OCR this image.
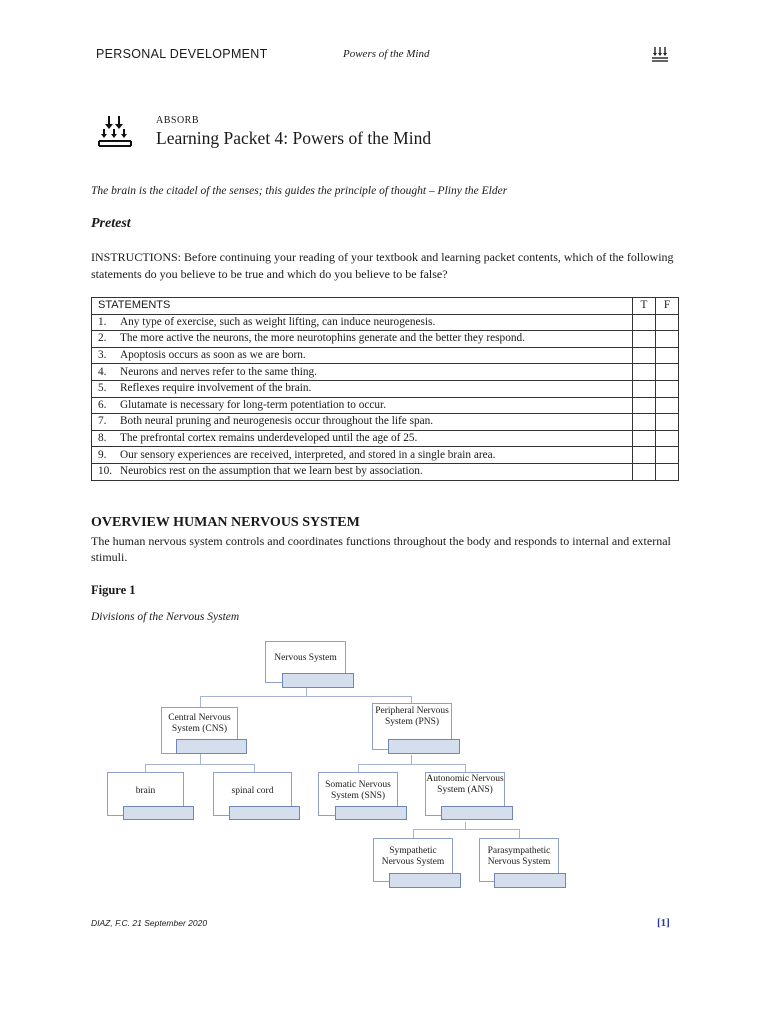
PERSONAL DEVELOPMENT	Powers of the Mind
ABSORB
Learning Packet 4: Powers of the Mind
The brain is the citadel of the senses; this guides the principle of thought – Pliny the Elder
Pretest
INSTRUCTIONS: Before continuing your reading of your textbook and learning packet contents, which of the following statements do you believe to be true and which do you believe to be false?
STATEMENTS	T	F
1. Any type of exercise, such as weight lifting, can induce neurogenesis.		
2. The more active the neurons, the more neurotophins generate and the better they respond.		
3. Apoptosis occurs as soon as we are born.		
4. Neurons and nerves refer to the same thing.		
5. Reflexes require involvement of the brain.		
6. Glutamate is necessary for long-term potentiation to occur.		
7. Both neural pruning and neurogenesis occur throughout the life span.		
8. The prefrontal cortex remains underdeveloped until the age of 25.		
9. Our sensory experiences are received, interpreted, and stored in a single brain area.		
10. Neurobics rest on the assumption that we learn best by association.		
OVERVIEW HUMAN NERVOUS SYSTEM
The human nervous system controls and coordinates functions throughout the body and responds to internal and external stimuli.
Figure 1
Divisions of the Nervous System
Nervous System
Central Nervous System (CNS)
Peripheral Nervous System (PNS)
brain	spinal cord
Somatic Nervous System (SNS)
Autonomic Nervous System (ANS)
Sympathetic Nervous System
Parasympathetic Nervous System
DIAZ, F.C. 21 September 2020	[1]
